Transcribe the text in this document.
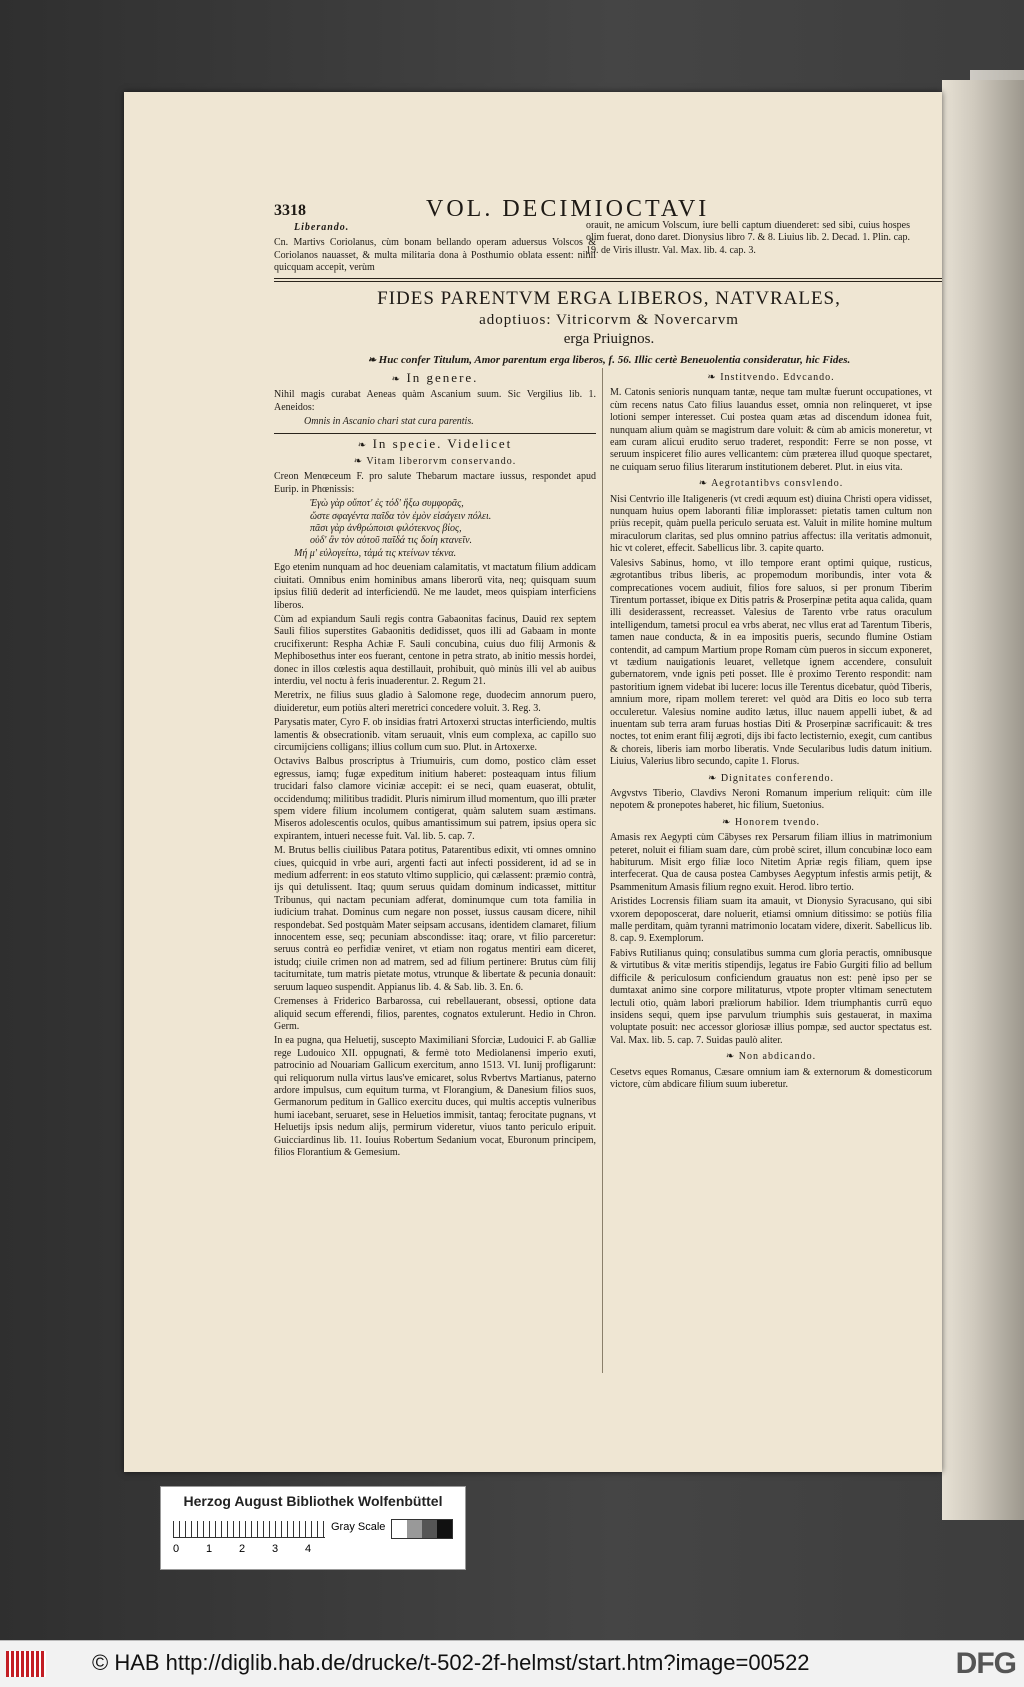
3318	VOL. DECIMIOCTAVI

Liberando.

Cn. Martivs Coriolanus, cùm bonam bellando operam aduersus Volscos & Coriolanos nauasset, & multa militaria dona à Posthumio oblata essent: nihil quicquam accepit, verùm

orauit, ne amicum Volscum, iure belli captum diuenderet: sed sibi, cuius hospes olim fuerat, dono daret. Dionysius libro 7. & 8. Liuius lib. 2. Decad. 1. Plin. cap. 19. de Viris illustr. Val. Max. lib. 4. cap. 3.

FIDES PARENTVM ERGA LIBEROS, NATVRALES,
adoptiuos: Vitricorvm & Novercarvm
erga Priuignos.
❧ Huc confer Titulum, Amor parentum erga liberos, f. 56. Illic certè Beneuolentia consideratur, hic Fides.

❧ In genere.

Nihil magis curabat Aeneas quàm Ascanium suum. Sic Vergilius lib. 1. Aeneidos:

Omnis in Ascanio chari stat cura parentis.

❧ In specie. Videlicet

❧ Vitam liberorvm conservando.

Creon Menœceum F. pro salute Thebarum mactare iussus, respondet apud Eurip. in Phœnissis:

Ἐγὼ γὰρ οὔποτ' ἐς τόδ' ἥξω συμφορᾶς,

ὥστε σφαγέντα παῖδα τὸν ἐμὸν εἰσάγειν πόλει.

πᾶσι γὰρ ἀνθρώποισι φιλότεκνος βίος,

οὐδ' ἂν τὸν αὑτοῦ παῖδά τις δοίη κτανεῖν.

Μή μ' εὐλογείτω, τἀμά τις κτείνων τέκνα.

Ego etenim nunquam ad hoc deueniam calamitatis, vt mactatum filium addicam ciuitati. Omnibus enim hominibus amans liberorū vita, neq; quisquam suum ipsius filiū dederit ad interficiendū. Ne me laudet, meos quispiam interficiens liberos.

Cùm ad expiandum Sauli regis contra Gabaonitas facinus, Dauid rex septem Sauli filios superstites Gabaonitis dedidisset, quos illi ad Gabaam in monte crucifixerunt: Respha Achiæ F. Sauli concubina, cuius duo filij Armonis & Mephibosethus inter eos fuerant, centone in petra strato, ab initio messis hordei, donec in illos cœlestis aqua destillauit, prohibuit, quò minùs illi vel ab auibus interdiu, vel noctu à feris inuaderentur. 2. Regum 21.

Meretrix, ne filius suus gladio à Salomone rege, duodecim annorum puero, diuideretur, eum potiùs alteri meretrici concedere voluit. 3. Reg. 3.

Parysatis mater, Cyro F. ob insidias fratri Artoxerxi structas interficiendo, multis lamentis & obsecrationib. vitam seruauit, vlnis eum complexa, ac capillo suo circumijciens colligans; illius collum cum suo. Plut. in Artoxerxe.

Octavivs Balbus proscriptus à Triumuiris, cum domo, postico clàm esset egressus, iamq; fugæ expeditum initium haberet: posteaquam intus filium trucidari falso clamore viciniæ accepit: ei se neci, quam euaserat, obtulit, occidendumq; militibus tradidit. Pluris nimirum illud momentum, quo illi præter spem videre filium incolumem contigerat, quàm salutem suam æstimans. Miseros adolescentis oculos, quibus amantissimum sui patrem, ipsius opera sic expirantem, intueri necesse fuit. Val. lib. 5. cap. 7.

M. Brutus bellis ciuilibus Patara potitus, Patarentibus edixit, vti omnes omnino ciues, quicquid in vrbe auri, argenti facti aut infecti possiderent, id ad se in medium adferrent: in eos statuto vltimo supplicio, qui cælassent: præmio contrà, ijs qui detulissent. Itaq; quum seruus quidam dominum indicasset, mittitur Tribunus, qui nactam pecuniam adferat, dominumque cum tota familia in iudicium trahat. Dominus cum negare non posset, iussus causam dicere, nihil respondebat. Sed postquàm Mater seipsam accusans, identidem clamaret, filium innocentem esse, seq; pecuniam abscondisse: itaq; orare, vt filio parceretur: seruus contrà eo perfidiæ veniret, vt etiam non rogatus mentiri eam diceret, istudq; ciuile crimen non ad matrem, sed ad filium pertinere: Brutus cùm filij taciturnitate, tum matris pietate motus, vtrunque & libertate & pecunia donauit: seruum laqueo suspendit. Appianus lib. 4. & Sab. lib. 3. En. 6.

Cremenses à Friderico Barbarossa, cui rebellauerant, obsessi, optione data aliquid secum efferendi, filios, parentes, cognatos extulerunt. Hedio in Chron. Germ.

In ea pugna, qua Heluetij, suscepto Maximiliani Sforciæ, Ludouici F. ab Galliæ rege Ludouico XII. oppugnati, & fermè toto Mediolanensi imperio exuti, patrocinio ad Nouariam Gallicum exercitum, anno 1513. VI. Iunij profligarunt: qui reliquorum nulla virtus laus've emicaret, solus Rvbertvs Martianus, paterno ardore impulsus, cum equitum turma, vt Florangium, & Danesium filios suos, Germanorum peditum in Gallico exercitu duces, qui multis acceptis vulneribus humi iacebant, seruaret, sese in Heluetios immisit, tantaq; ferocitate pugnans, vt Heluetijs ipsis nedum alijs, permirum videretur, viuos tanto periculo eripuit. Guicciardinus lib. 11. Iouius Robertum Sedanium vocat, Eburonum principem, filios Florantium & Gemesium.

❧ Institvendo. Edvcando.

M. Catonis senioris nunquam tantæ, neque tam multæ fuerunt occupationes, vt cùm recens natus Cato filius lauandus esset, omnia non relinqueret, vt ipse lotioni semper interesset. Cui postea quam ætas ad discendum idonea fuit, nunquam alium quàm se magistrum dare voluit: & cùm ab amicis moneretur, vt eam curam alicui erudito seruo traderet, respondit: Ferre se non posse, vt seruum inspiceret filio aures vellicantem: cùm præterea illud quoque spectaret, ne cuiquam seruo filius literarum institutionem deberet. Plut. in eius vita.

❧ Aegrotantibvs consvlendo.

Nisi Centvrio ille Italigeneris (vt credi æquum est) diuina Christi opera vidisset, nunquam huius opem laboranti filiæ implorasset: pietatis tamen cultum non priùs recepit, quàm puella periculo seruata est. Valuit in milite homine multum miraculorum claritas, sed plus omnino patrius affectus: illa veritatis admonuit, hic vt coleret, effecit. Sabellicus libr. 3. capite quarto.

Valesivs Sabinus, homo, vt illo tempore erant optimi quique, rusticus, ægrotantibus tribus liberis, ac propemodum moribundis, inter vota & comprecationes vocem audiuit, filios fore saluos, si per pronum Tiberim Tirentum portasset, ibique ex Ditis patris & Proserpinæ petita aqua calida, quam illi desiderassent, recreasset. Valesius de Tarento vrbe ratus oraculum intelligendum, tametsi procul ea vrbs aberat, nec vllus erat ad Tarentum Tiberis, tamen naue conducta, & in ea impositis pueris, secundo flumine Ostiam contendit, ad campum Martium prope Romam cùm pueros in siccum exponeret, vt tædium nauigationis leuaret, velletque ignem accendere, consuluit gubernatorem, vnde ignis peti posset. Ille è proximo Terento respondit: nam pastoritium ignem videbat ibi lucere: locus ille Terentus dicebatur, quòd Tiberis, amnium more, ripam mollem tereret: vel quòd ara Ditis eo loco sub terra occuleretur. Valesius nomine audito lætus, illuc nauem appelli iubet, & ad inuentam sub terra aram furuas hostias Diti & Proserpinæ sacrificauit: & tres noctes, tot enim erant filij ægroti, dijs ibi facto lectisternio, exegit, cum cantibus & choreis, liberis iam morbo liberatis. Vnde Secularibus ludis datum initium. Liuius, Valerius libro secundo, capite 1. Florus.

❧ Dignitates conferendo.

Avgvstvs Tiberio, Clavdivs Neroni Romanum imperium reliquit: cùm ille nepotem & pronepotes haberet, hic filium, Suetonius.

❧ Honorem tvendo.

Amasis rex Aegypti cùm Cābyses rex Persarum filiam illius in matrimonium peteret, noluit ei filiam suam dare, cùm probè sciret, illum concubinæ loco eam habiturum. Misit ergo filiæ loco Nitetim Apriæ regis filiam, quem ipse interfecerat. Qua de causa postea Cambyses Aegyptum infestis armis petijt, & Psammenitum Amasis filium regno exuit. Herod. libro tertio.

Aristides Locrensis filiam suam ita amauit, vt Dionysio Syracusano, qui sibi vxorem depoposcerat, dare noluerit, etiamsi omnium ditissimo: se potiùs filia malle perditam, quàm tyranni matrimonio locatam videre, dixerit. Sabellicus lib. 8. cap. 9. Exemplorum.

Fabivs Rutilianus quinq; consulatibus summa cum gloria peractis, omnibusque & virtutibus & vitæ meritis stipendijs, legatus ire Fabio Gurgiti filio ad bellum difficile & periculosum conficiendum grauatus non est: penè ipso per se dumtaxat animo sine corpore militaturus, vtpote propter vltimam senectutem lectuli otio, quàm labori præliorum habilior. Idem triumphantis currū equo insidens sequi, quem ipse parvulum triumphis suis gestauerat, in maxima voluptate posuit: nec accessor gloriosæ illius pompæ, sed auctor spectatus est. Val. Max. lib. 5. cap. 7. Suidas paulò aliter.

❧ Non abdicando.

Cesetvs eques Romanus, Cæsare omnium iam & externorum & domesticorum victore, cùm abdicare filium suum iuberetur.

Herzog August Bibliothek Wolfenbüttel
0 1 2 3 4
Gray Scale
© HAB http://diglib.hab.de/drucke/t-502-2f-helmst/start.htm?image=00522	DFG
